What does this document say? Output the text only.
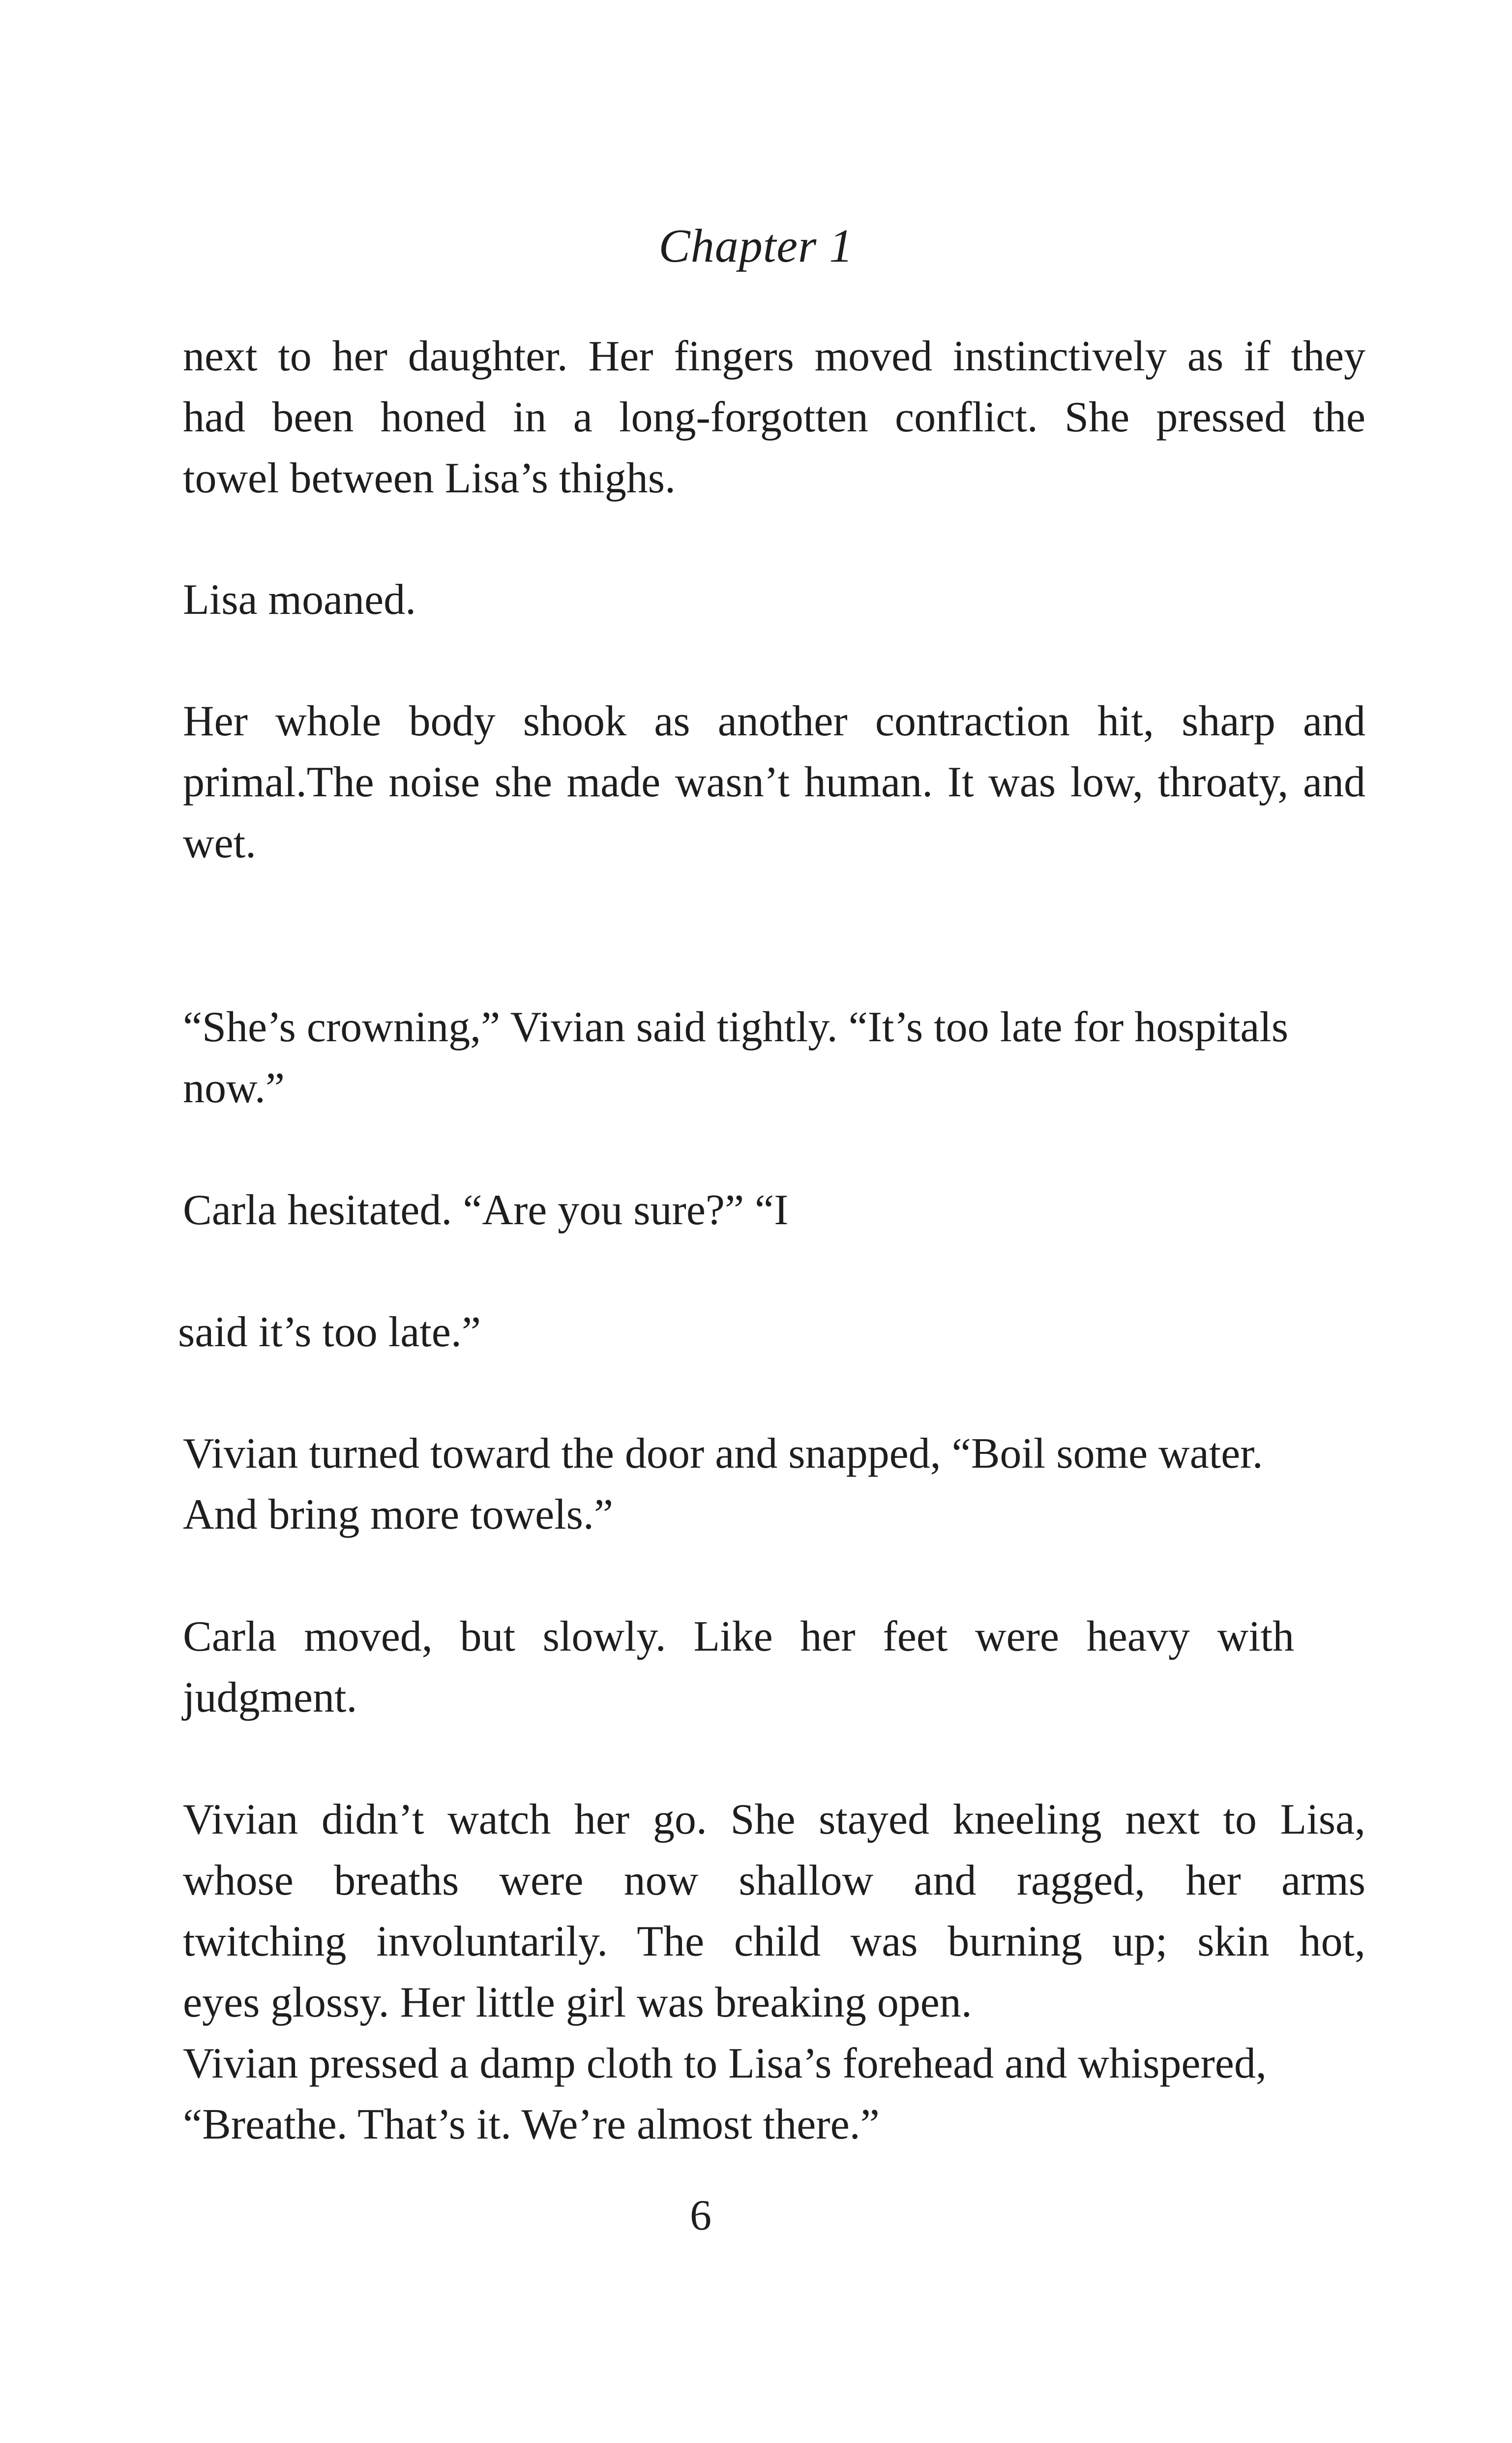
Chapter 1
next to her daughter. Her fingers moved instinctively as if they
had been honed in a long-forgotten conflict. She pressed the
towel between Lisa’s thighs.
Lisa moaned.
Her whole body shook as another contraction hit, sharp and
primal.The noise she made wasn’t human. It was low, throaty, and
wet.
“She’s crowning,” Vivian said tightly. “It’s too late for hospitals
now.”
Carla hesitated. “Are you sure?” “I
said it’s too late.”
Vivian turned toward the door and snapped, “Boil some water.
And bring more towels.”
Carla moved, but slowly. Like her feet were heavy with
judgment.
Vivian didn’t watch her go. She stayed kneeling next to Lisa,
whose breaths were now shallow and ragged, her arms
twitching involuntarily. The child was burning up; skin hot,
eyes glossy. Her little girl was breaking open.
Vivian pressed a damp cloth to Lisa’s forehead and whispered,
“Breathe. That’s it. We’re almost there.”
6
